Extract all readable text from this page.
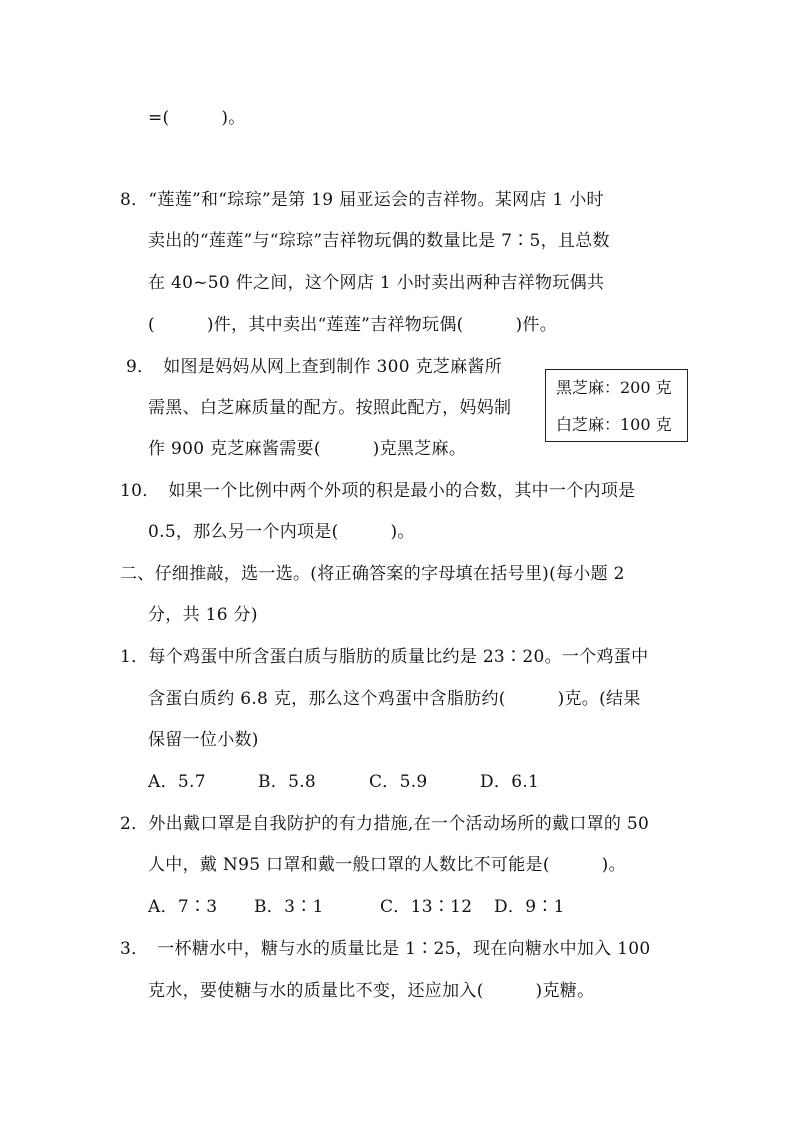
=(　　　)。
8．“莲莲”和“琮琮”是第 19 届亚运会的吉祥物。某网店 1 小时
卖出的“莲莲”与“琮琮”吉祥物玩偶的数量比是 7∶5，且总数
在 40~50 件之间，这个网店 1 小时卖出两种吉祥物玩偶共
(　　　)件，其中卖出“莲莲”吉祥物玩偶(　　　)件。
9．　如图是妈妈从网上查到制作 300 克芝麻酱所
需黑、白芝麻质量的配方。按照此配方，妈妈制
作 900 克芝麻酱需要(　　　)克黑芝麻。
黑芝麻：200 克
白芝麻：100 克
10．　如果一个比例中两个外项的积是最小的合数，其中一个内项是
0.5，那么另一个内项是(　　　)。
二、仔细推敲，选一选。(将正确答案的字母填在括号里)(每小题 2
分，共 16 分)
1．每个鸡蛋中所含蛋白质与脂肪的质量比约是 23∶20。一个鸡蛋中
含蛋白质约 6.8 克，那么这个鸡蛋中含脂肪约(　　　)克。(结果
保留一位小数)
A．5.7	B．5.8	C．5.9	D．6.1
2．外出戴口罩是自我防护的有力措施,在一个活动场所的戴口罩的 50
人中，戴 N95 口罩和戴一般口罩的人数比不可能是(　　　)。
A．7∶3 B．3∶1	C．13∶12 D．9∶1
3．　一杯糖水中，糖与水的质量比是 1∶25，现在向糖水中加入 100
克水，要使糖与水的质量比不变，还应加入(　　　)克糖。
